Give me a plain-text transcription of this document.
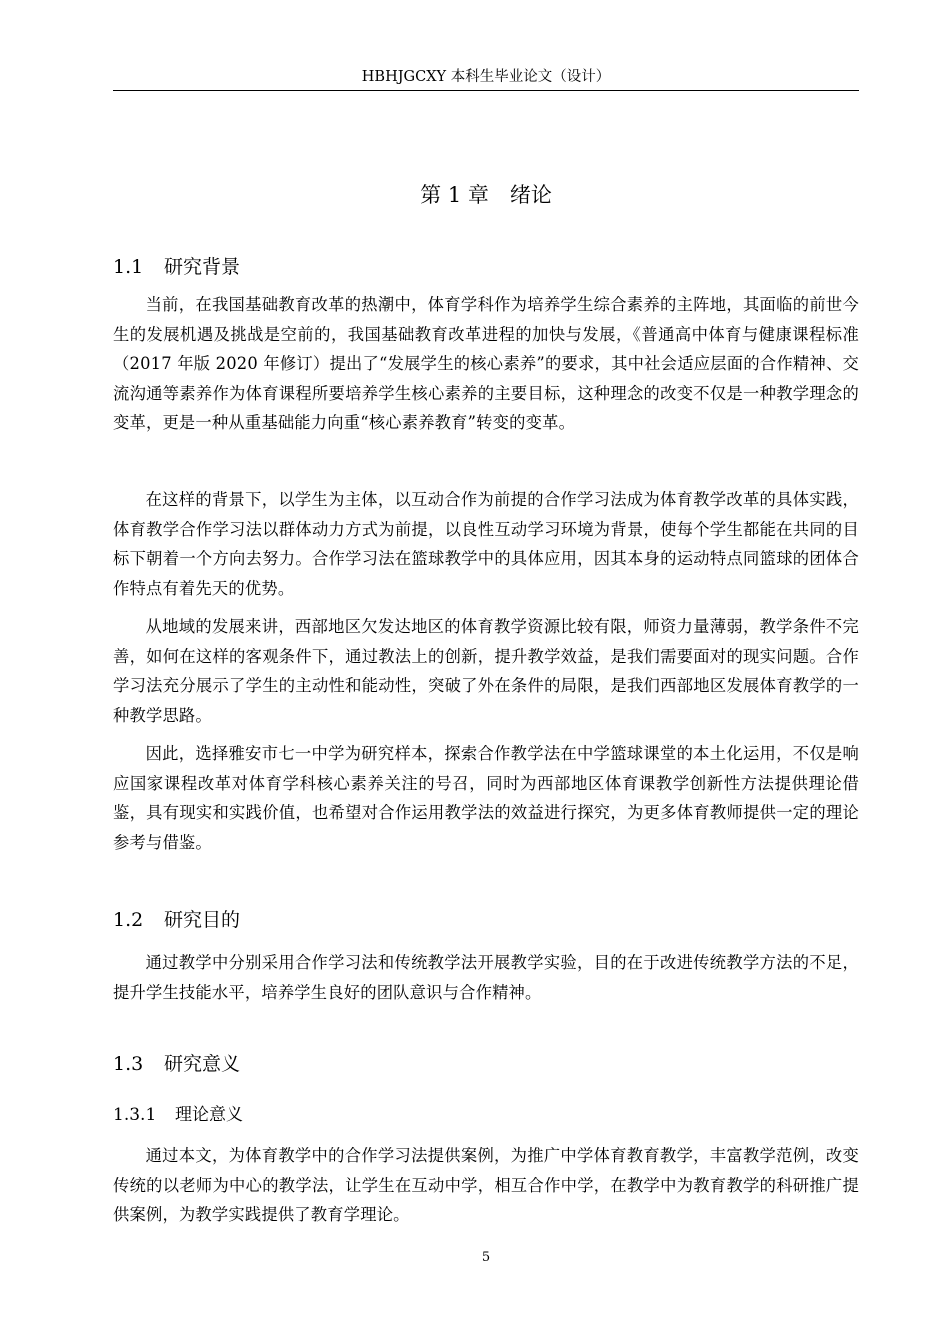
HBHJGCXY 本科生毕业论文（设计）
第 1 章　绪论
1.1 研究背景

当前，在我国基础教育改革的热潮中，体育学科作为培养学生综合素养的主阵地，其面临的前世今生的发展机遇及挑战是空前的，我国基础教育改革进程的加快与发展，《普通高中体育与健康课程标准（2017 年版 2020 年修订）提出了“发展学生的核心素养”的要求，其中社会适应层面的合作精神、交流沟通等素养作为体育课程所要培养学生核心素养的主要目标，这种理念的改变不仅是一种教学理念的变革，更是一种从重基础能力向重“核心素养教育”转变的变革。

在这样的背景下，以学生为主体，以互动合作为前提的合作学习法成为体育教学改革的具体实践，体育教学合作学习法以群体动力方式为前提，以良性互动学习环境为背景，使每个学生都能在共同的目标下朝着一个方向去努力。合作学习法在篮球教学中的具体应用，因其本身的运动特点同篮球的团体合作特点有着先天的优势。

从地域的发展来讲，西部地区欠发达地区的体育教学资源比较有限，师资力量薄弱，教学条件不完善，如何在这样的客观条件下，通过教法上的创新，提升教学效益，是我们需要面对的现实问题。合作学习法充分展示了学生的主动性和能动性，突破了外在条件的局限，是我们西部地区发展体育教学的一种教学思路。

因此，选择雅安市七一中学为研究样本，探索合作教学法在中学篮球课堂的本土化运用，不仅是响应国家课程改革对体育学科核心素养关注的号召，同时为西部地区体育课教学创新性方法提供理论借鉴，具有现实和实践价值，也希望对合作运用教学法的效益进行探究，为更多体育教师提供一定的理论参考与借鉴。

1.2 研究目的

通过教学中分别采用合作学习法和传统教学法开展教学实验，目的在于改进传统教学方法的不足，提升学生技能水平，培养学生良好的团队意识与合作精神。

1.3 研究意义
1.3.1 理论意义

通过本文，为体育教学中的合作学习法提供案例，为推广中学体育教育教学，丰富教学范例，改变传统的以老师为中心的教学法，让学生在互动中学，相互合作中学，在教学中为教育教学的科研推广提供案例，为教学实践提供了教育学理论。

5
